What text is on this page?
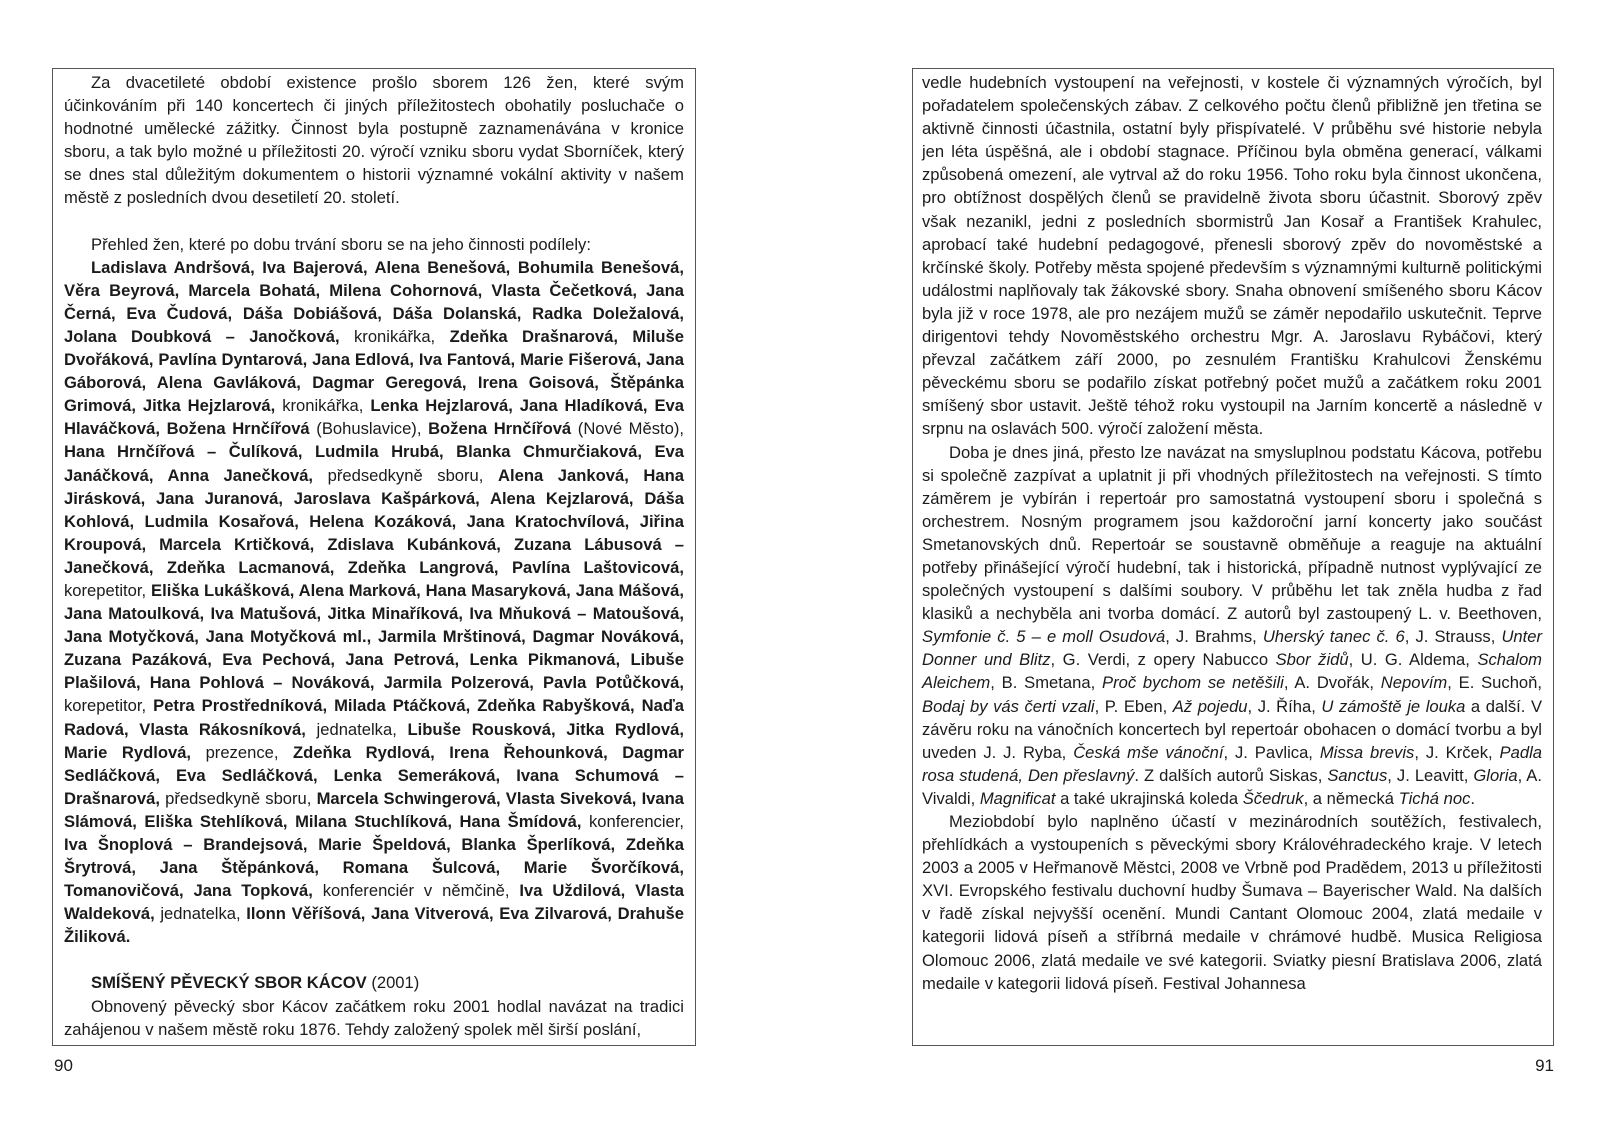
Za dvacetileté období existence prošlo sborem 126 žen, které svým účinkováním při 140 koncertech či jiných příležitostech obohatily posluchače o hodnotné umělecké zážitky. Činnost byla postupně zaznamenávána v kronice sboru, a tak bylo možné u příležitosti 20. výročí vzniku sboru vydat Sborníček, který se dnes stal důležitým dokumentem o historii významné vokální aktivity v našem městě z posledních dvou desetiletí 20. století.

Přehled žen, které po dobu trvání sboru se na jeho činnosti podílely:

Ladislava Andršová, Iva Bajerová, Alena Benešová, Bohumila Benešová, Věra Beyrová, Marcela Bohatá, Milena Cohornová, Vlasta Čečetková, Jana Černá, Eva Čudová, Dáša Dobiášová, Dáša Dolanská, Radka Doležalová, Jolana Doubková – Janočková, kronikářka, Zdeňka Drašnarová, Miluše Dvořáková, Pavlína Dyntarová, Jana Edlová, Iva Fantová, Marie Fišerová, Jana Gáborová, Alena Gavláková, Dagmar Geregová, Irena Goisová, Štěpánka Grimová, Jitka Hejzlarová, kronikářka, Lenka Hejzlarová, Jana Hladíková, Eva Hlaváčková, Božena Hrnčířová (Bohuslavice), Božena Hrnčířová (Nové Město), Hana Hrnčířová – Čulíková, Ludmila Hrubá, Blanka Chmurčiaková, Eva Janáčková, Anna Janečková, předsedkyně sboru, Alena Janková, Hana Jirásková, Jana Juranová, Jaroslava Kašpárková, Alena Kejzlarová, Dáša Kohlová, Ludmila Kosařová, Helena Kozáková, Jana Kratochvílová, Jiřina Kroupová, Marcela Krtičková, Zdislava Kubánková, Zuzana Lábusová – Janečková, Zdeňka Lacmanová, Zdeňka Langrová, Pavlína Laštovicová, korepetitor, Eliška Lukášková, Alena Marková, Hana Masaryková, Jana Mášová, Jana Matoulková, Iva Matušová, Jitka Minaříková, Iva Mňuková – Matoušová, Jana Motyčková, Jana Motyčková ml., Jarmila Mrštinová, Dagmar Nováková, Zuzana Pazáková, Eva Pechová, Jana Petrová, Lenka Pikmanová, Libuše Plašilová, Hana Pohlová – Nováková, Jarmila Polzerová, Pavla Potůčková, korepetitor, Petra Prostředníková, Milada Ptáčková, Zdeňka Rabyšková, Naďa Radová, Vlasta Rákosníková, jednatelka, Libuše Rousková, Jitka Rydlová, Marie Rydlová, prezence, Zdeňka Rydlová, Irena Řehounková, Dagmar Sedláčková, Eva Sedláčková, Lenka Semeráková, Ivana Schumová – Drašnarová, předsedkyně sboru, Marcela Schwingerová, Vlasta Siveková, Ivana Slámová, Eliška Stehlíková, Milana Stuchlíková, Hana Šmídová, konferencier, Iva Šnoplová – Brandejsová, Marie Špeldová, Blanka Šperlíková, Zdeňka Šrytrová, Jana Štěpánková, Romana Šulcová, Marie Švorčíková, Tomanovičová, Jana Topková, konferenciér v němčině, Iva Uždilová, Vlasta Waldeková, jednatelka, Ilonn Věříšová, Jana Vitverová, Eva Zilvarová, Drahuše Žiliková.

SMÍŠENÝ PĚVECKÝ SBOR KÁCOV (2001)

Obnovený pěvecký sbor Kácov začátkem roku 2001 hodlal navázat na tradici zahájenou v našem městě roku 1876. Tehdy založený spolek měl širší poslání,

vedle hudebních vystoupení na veřejnosti, v kostele či významných výročích, byl pořadatelem společenských zábav. Z celkového počtu členů přibližně jen třetina se aktivně činnosti účastnila, ostatní byly přispívatelé. V průběhu své historie nebyla jen léta úspěšná, ale i období stagnace. Příčinou byla obměna generací, válkami způsobená omezení, ale vytrval až do roku 1956. Toho roku byla činnost ukončena, pro obtížnost dospělých členů se pravidelně života sboru účastnit. Sborový zpěv však nezanikl, jedni z posledních sbormistrů Jan Kosař a František Krahulec, aprobací také hudební pedagogové, přenesli sborový zpěv do novoměstské a krčínské školy. Potřeby města spojené především s významnými kulturně politickými událostmi naplňovaly tak žákovské sbory. Snaha obnovení smíšeného sboru Kácov byla již v roce 1978, ale pro nezájem mužů se záměr nepodařilo uskutečnit. Teprve dirigentovi tehdy Novoměstského orchestru Mgr. A. Jaroslavu Rybáčovi, který převzal začátkem září 2000, po zesnulém Františku Krahulcovi Ženskému pěveckému sboru se podařilo získat potřebný počet mužů a začátkem roku 2001 smíšený sbor ustavit. Ještě téhož roku vystoupil na Jarním koncertě a následně v srpnu na oslavách 500. výročí založení města.

Doba je dnes jiná, přesto lze navázat na smysluplnou podstatu Kácova, potřebu si společně zazpívat a uplatnit ji při vhodných příležitostech na veřejnosti. S tímto záměrem je vybírán i repertoár pro samostatná vystoupení sboru i společná s orchestrem. Nosným programem jsou každoroční jarní koncerty jako součást Smetanovských dnů. Repertoár se soustavně obměňuje a reaguje na aktuální potřeby přinášející výročí hudební, tak i historická, případně nutnost vyplývající ze společných vystoupení s dalšími soubory. V průběhu let tak zněla hudba z řad klasiků a nechyběla ani tvorba domácí. Z autorů byl zastoupený L. v. Beethoven, Symfonie č. 5 – e moll Osudová, J. Brahms, Uherský tanec č. 6, J. Strauss, Unter Donner und Blitz, G. Verdi, z opery Nabucco Sbor židů, U. G. Aldema, Schalom Aleichem, B. Smetana, Proč bychom se netěšili, A. Dvořák, Nepovím, E. Suchoň, Bodaj by vás čerti vzali, P. Eben, Až pojedu, J. Říha, U zámoště je louka a další. V závěru roku na vánočních koncertech byl repertoár obohacen o domácí tvorbu a byl uveden J. J. Ryba, Česká mše vánoční, J. Pavlica, Missa brevis, J. Krček, Padla rosa studená, Den přeslavný. Z dalších autorů Siskas, Sanctus, J. Leavitt, Gloria, A. Vivaldi, Magnificat a také ukrajinská koleda Ščedruk, a německá Tichá noc.

Meziobdobí bylo naplněno účastí v mezinárodních soutěžích, festivalech, přehlídkách a vystoupeních s pěveckými sbory Královéhradeckého kraje. V letech 2003 a 2005 v Heřmanově Městci, 2008 ve Vrbně pod Pradědem, 2013 u příležitosti XVI. Evropského festivalu duchovní hudby Šumava – Bayerischer Wald. Na dalších v řadě získal nejvyšší ocenění. Mundi Cantant Olomouc 2004, zlatá medaile v kategorii lidová píseň a stříbrná medaile v chrámové hudbě. Musica Religiosa Olomouc 2006, zlatá medaile ve své kategorii. Sviatky piesní Bratislava 2006, zlatá medaile v kategorii lidová píseň. Festival Johannesa

90	91
